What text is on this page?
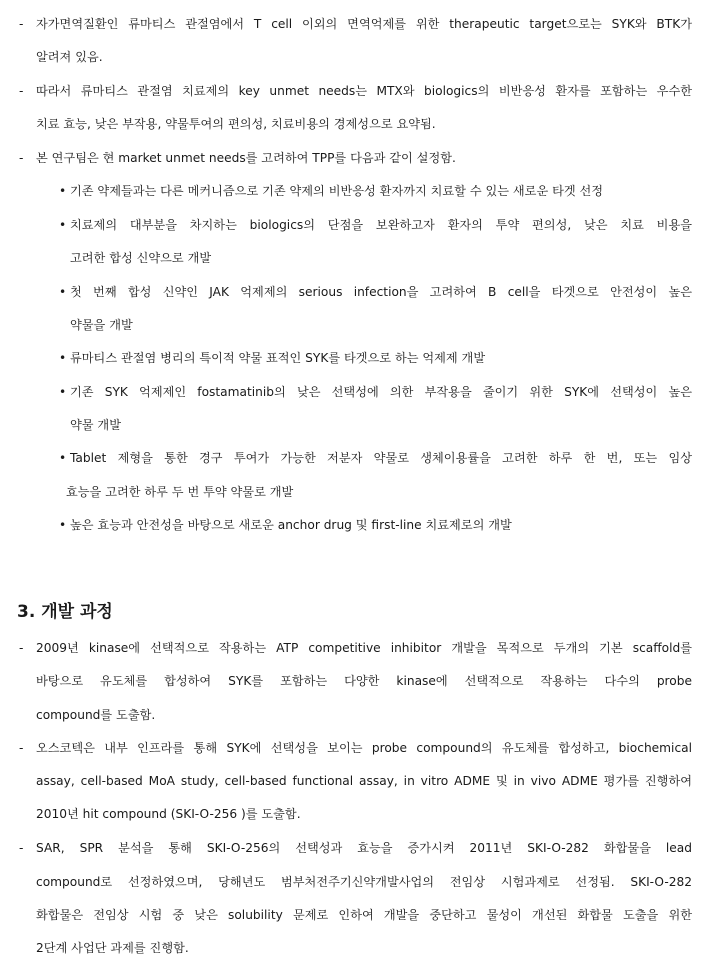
- 자가면역질환인 류마티스 관절염에서 T cell 이외의 면역억제를 위한 therapeutic target으로는 SYK와 BTK가
알려져 있음.
- 따라서 류마티스 관절염 치료제의 key unmet needs는 MTX와 biologics의 비반응성 환자를 포함하는 우수한
치료 효능, 낮은 부작용, 약물투여의 편의성, 치료비용의 경제성으로 요약됨.
- 본 연구팀은 현 market unmet needs를 고려하여 TPP를 다음과 같이 설정함.
• 기존 약제들과는 다른 메커니즘으로 기존 약제의 비반응성 환자까지 치료할 수 있는 새로운 타겟 선정
• 치료제의 대부분을 차지하는 biologics의 단점을 보완하고자 환자의 투약 편의성, 낮은 치료 비용을
고려한 합성 신약으로 개발
• 첫 번째 합성 신약인 JAK 억제제의 serious infection을 고려하여 B cell을 타겟으로 안전성이 높은
약물을 개발
• 류마티스 관절염 병리의 특이적 약물 표적인 SYK를 타겟으로 하는 억제제 개발
• 기존 SYK 억제제인 fostamatinib의 낮은 선택성에 의한 부작용을 줄이기 위한 SYK에 선택성이 높은
약물 개발
• Tablet 제형을 통한 경구 투여가 가능한 저분자 약물로 생체이용률을 고려한 하루 한 번, 또는 임상
효능을 고려한 하루 두 번 투약 약물로 개발
• 높은 효능과 안전성을 바탕으로 새로운 anchor drug 및 first-line 치료제로의 개발
3. 개발 과정
- 2009년 kinase에 선택적으로 작용하는 ATP competitive inhibitor 개발을 목적으로 두개의 기본 scaffold를
바탕으로 유도체를 합성하여 SYK를 포함하는 다양한 kinase에 선택적으로 작용하는 다수의 probe
compound를 도출함.
- 오스코텍은 내부 인프라를 통해 SYK에 선택성을 보이는 probe compound의 유도체를 합성하고, biochemical
assay, cell-based MoA study, cell-based functional assay, in vitro ADME 및 in vivo ADME 평가를 진행하여
2010년 hit compound (SKI-O-256 )를 도출함.
- SAR, SPR 분석을 통해 SKI-O-256의 선택성과 효능을 증가시켜 2011년 SKI-O-282 화합물을 lead
compound로 선정하였으며, 당해년도 범부처전주기신약개발사업의 전임상 시험과제로 선정됨. SKI-O-282
화합물은 전임상 시험 중 낮은 solubility 문제로 인하여 개발을 중단하고 물성이 개선된 화합물 도출을 위한
2단계 사업단 과제를 진행함.
